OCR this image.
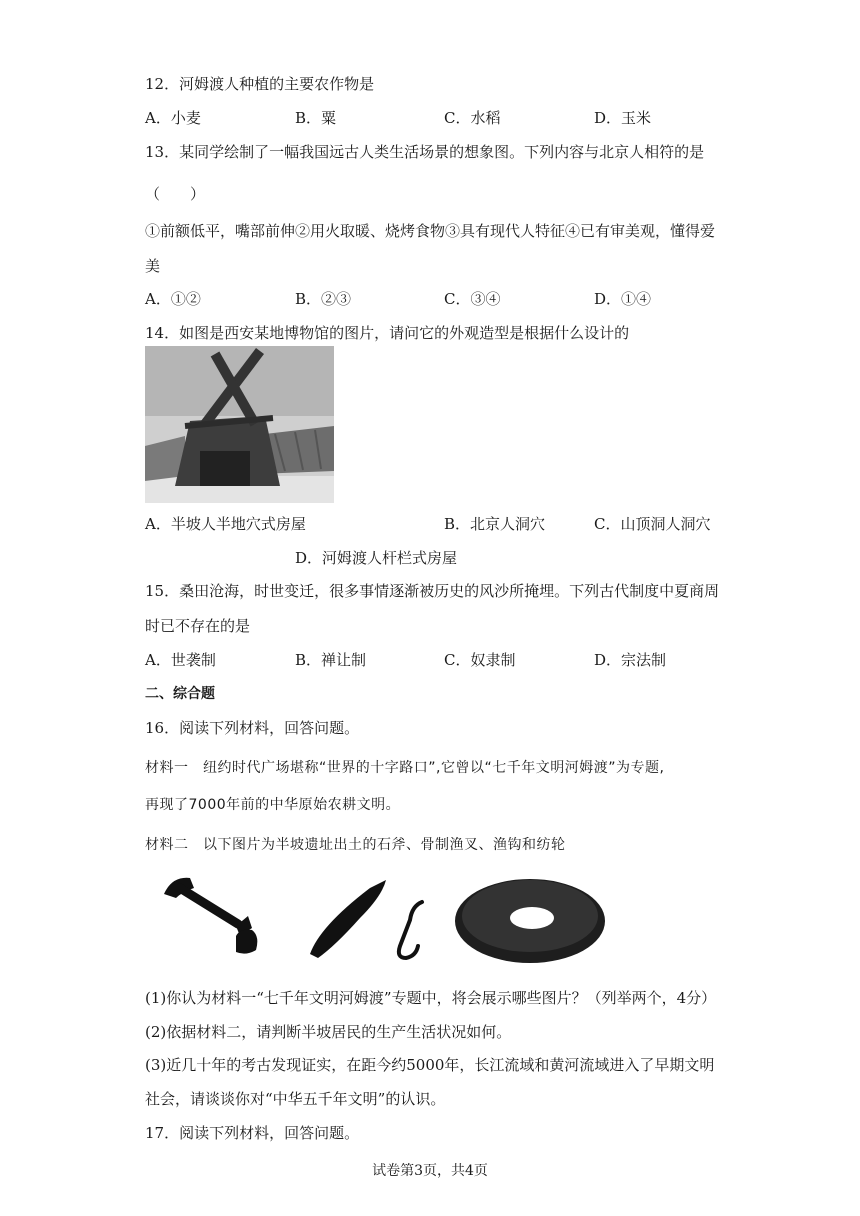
12．河姆渡人种植的主要农作物是
A．小麦	B．粟	C．水稻	D．玉米
13．某同学绘制了一幅我国远古人类生活场景的想象图。下列内容与北京人相符的是
（　　）
①前额低平，嘴部前伸②用火取暖、烧烤食物③具有现代人特征④已有审美观，懂得爱
美
A．①②	B．②③	C．③④	D．①④
14．如图是西安某地博物馆的图片，请问它的外观造型是根据什么设计的
A．半坡人半地穴式房屋	B．北京人洞穴	C．山顶洞人洞穴
D．河姆渡人杆栏式房屋
15．桑田沧海，时世变迁，很多事情逐渐被历史的风沙所掩埋。下列古代制度中夏商周
时已不存在的是
A．世袭制	B．禅让制	C．奴隶制	D．宗法制
二、综合题
16．阅读下列材料，回答问题。
材料一　纽约时代广场堪称“世界的十字路口”,它曾以“七千年文明河姆渡”为专题,
再现了7000年前的中华原始农耕文明。
材料二　以下图片为半坡遗址出土的石斧、骨制渔叉、渔钩和纺轮
(1)你认为材料一“七千年文明河姆渡”专题中，将会展示哪些图片？（列举两个，4分）
(2)依据材料二，请判断半坡居民的生产生活状况如何。
(3)近几十年的考古发现证实，在距今约5000年，长江流域和黄河流域进入了早期文明
社会，请谈谈你对“中华五千年文明”的认识。
17．阅读下列材料，回答问题。
试卷第3页，共4页
